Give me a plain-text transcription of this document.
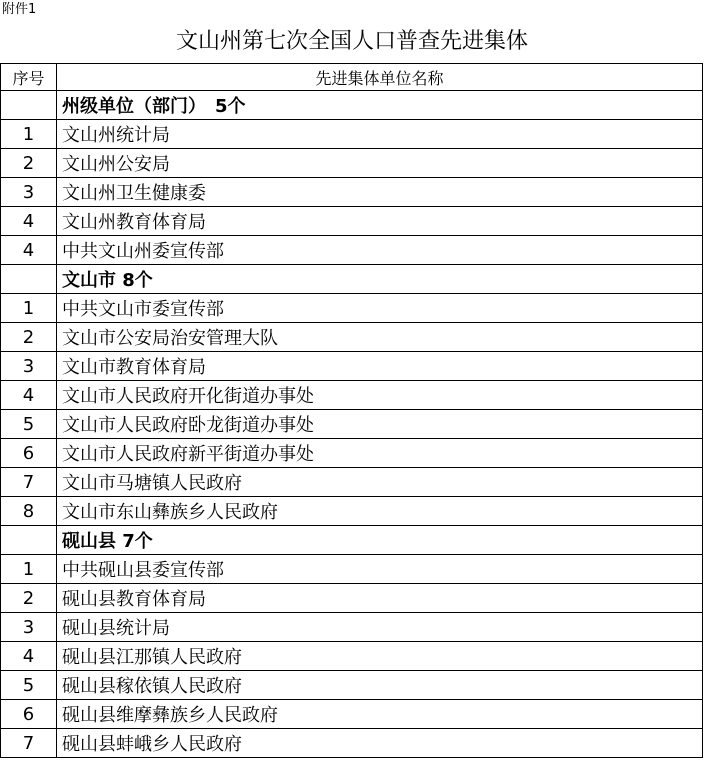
附件1
文山州第七次全国人口普查先进集体
序号	先进集体单位名称
	州级单位（部门）　5个
1	文山州统计局
2	文山州公安局
3	文山州卫生健康委
4	文山州教育体育局
4	中共文山州委宣传部
	文山市 8个
1	中共文山市委宣传部
2	文山市公安局治安管理大队
3	文山市教育体育局
4	文山市人民政府开化街道办事处
5	文山市人民政府卧龙街道办事处
6	文山市人民政府新平街道办事处
7	文山市马塘镇人民政府
8	文山市东山彝族乡人民政府
	砚山县 7个
1	中共砚山县委宣传部
2	砚山县教育体育局
3	砚山县统计局
4	砚山县江那镇人民政府
5	砚山县稼依镇人民政府
6	砚山县维摩彝族乡人民政府
7	砚山县蚌峨乡人民政府
